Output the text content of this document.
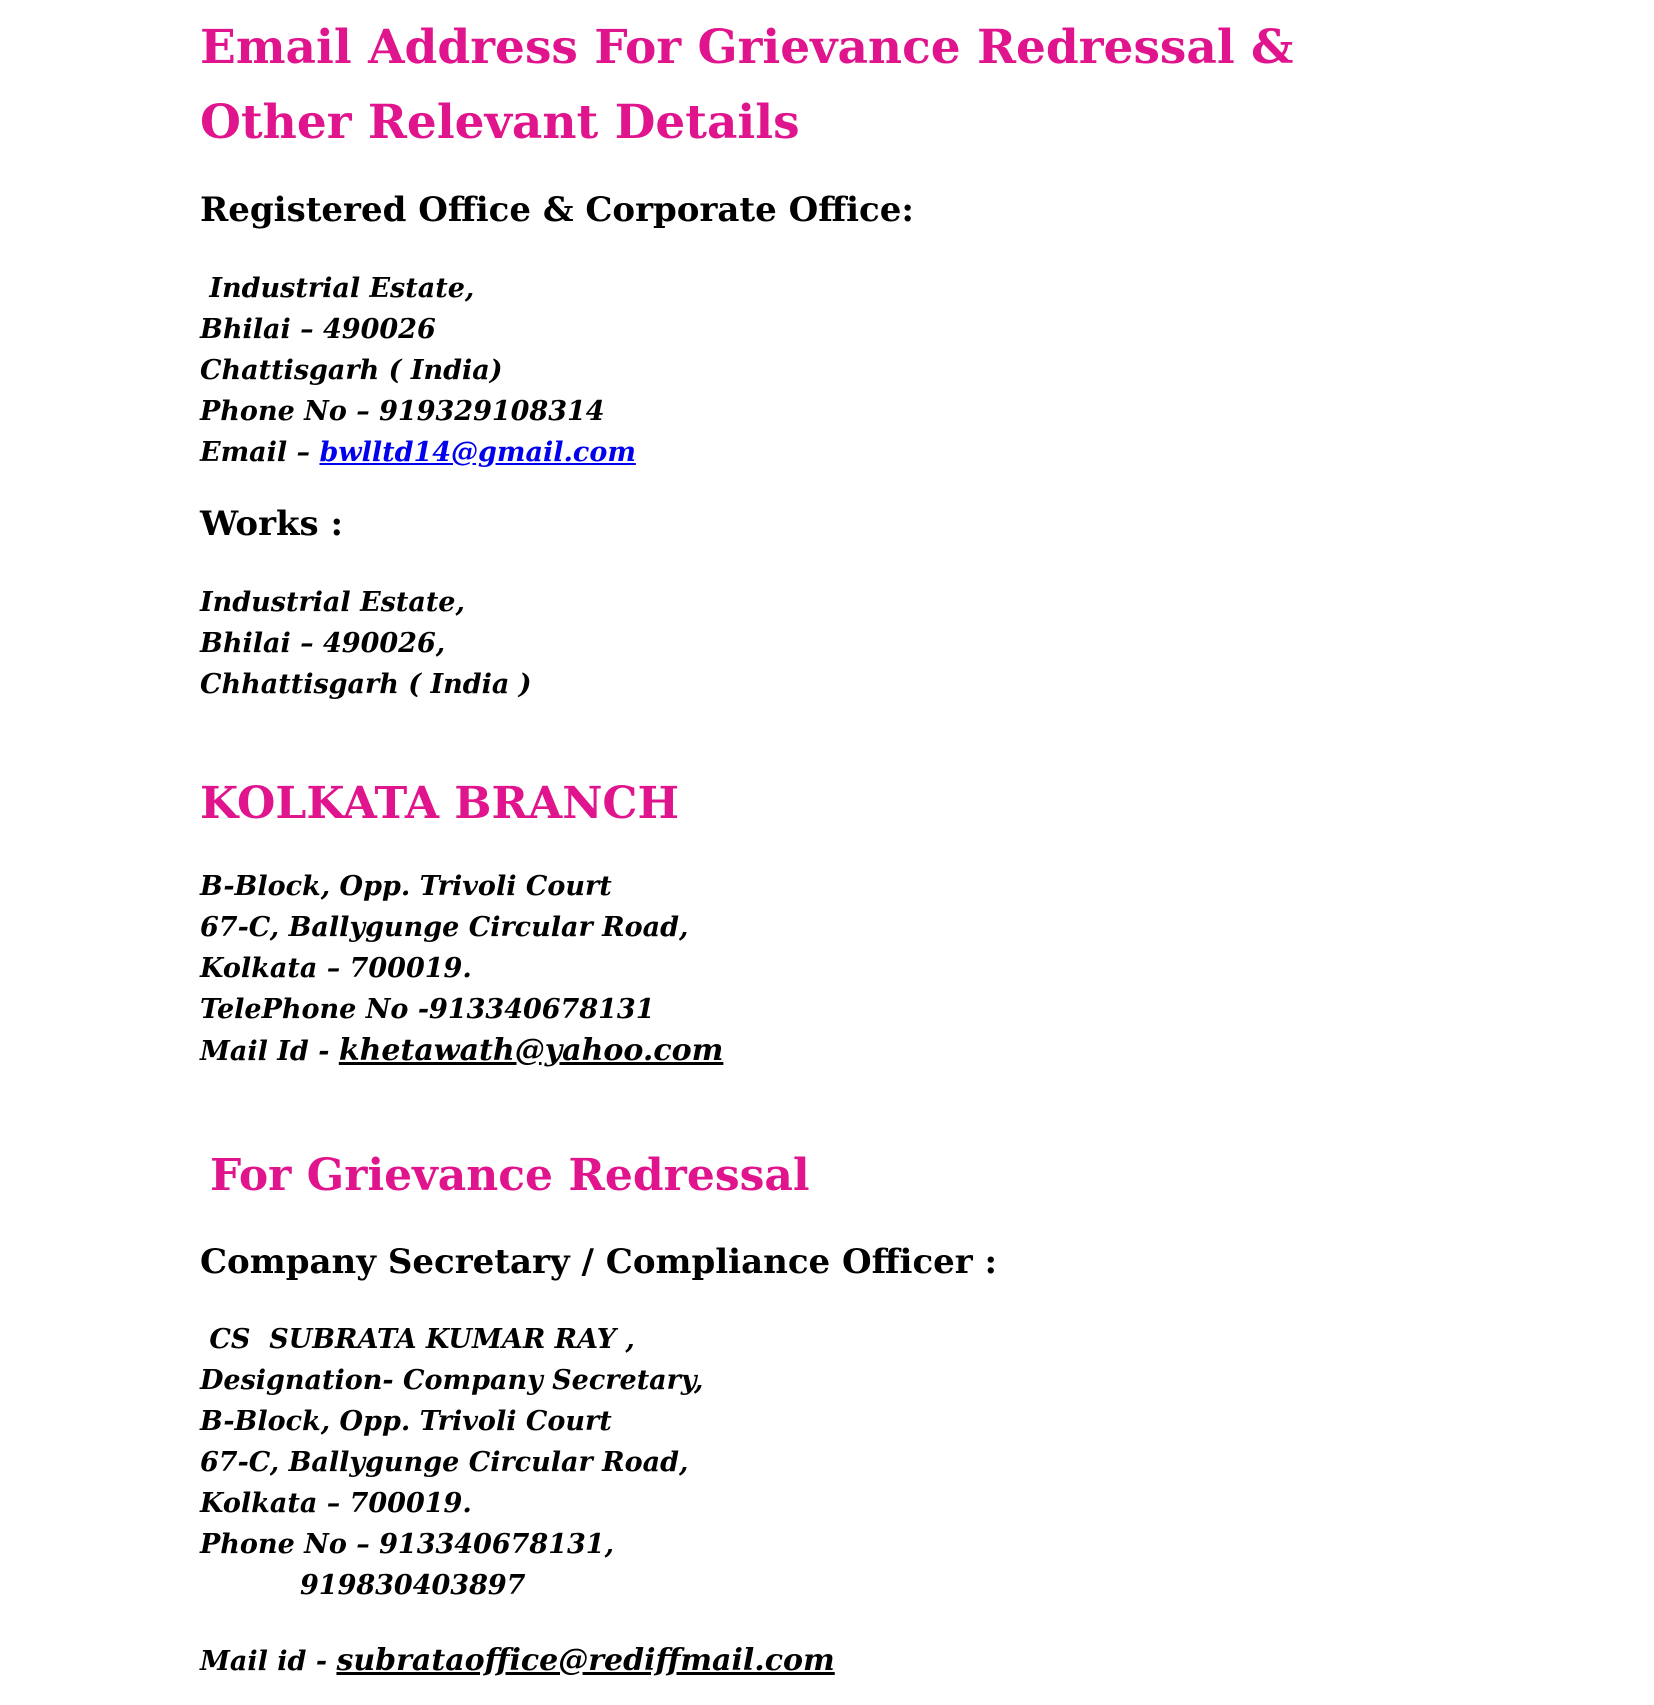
Email Address For Grievance Redressal &
Other Relevant Details
Registered Office & Corporate Office:
Industrial Estate,
Bhilai – 490026
Chattisgarh ( India)
Phone No – 919329108314
Email – bwlltd14@gmail.com
Works :
Industrial Estate,
Bhilai – 490026,
Chhattisgarh ( India )
KOLKATA BRANCH
B-Block, Opp. Trivoli Court
67-C, Ballygunge Circular Road,
Kolkata – 700019.
TelePhone No -913340678131
Mail Id - khetawath@yahoo.com
For Grievance Redressal
Company Secretary / Compliance Officer :
CS  SUBRATA KUMAR RAY ,
Designation- Company Secretary,
B-Block, Opp. Trivoli Court
67-C, Ballygunge Circular Road,
Kolkata – 700019.
Phone No – 913340678131,
919830403897
Mail id - subrataoffice@rediffmail.com
